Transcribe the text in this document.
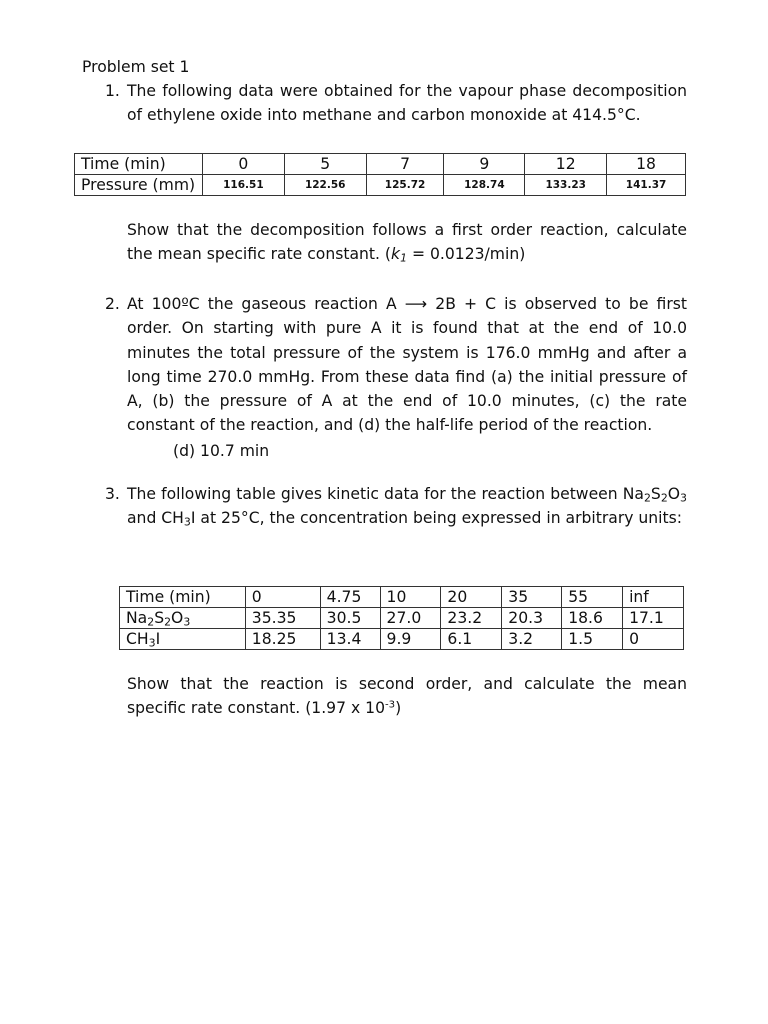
Problem set 1
1. The following data were obtained for the vapour phase decomposition of ethylene oxide into methane and carbon monoxide at 414.5°C.
Time (min)	0	5	7	9	12	18
Pressure (mm)	116.51	122.56	125.72	128.74	133.23	141.37
Show that the decomposition follows a first order reaction, calculate the mean specific rate constant. (k1 = 0.0123/min)
2. At 100ºC the gaseous reaction A ⟶ 2B + C is observed to be first order. On starting with pure A it is found that at the end of 10.0 minutes the total pressure of the system is 176.0 mmHg and after a long time 270.0 mmHg. From these data find (a) the initial pressure of A, (b) the pressure of A at the end of 10.0 minutes, (c) the rate constant of the reaction, and (d) the half-life period of the reaction.
(d) 10.7 min
3. The following table gives kinetic data for the reaction between $Na_2S_2O_3$ and $CH_3I$ at 25°C, the concentration being expressed in arbitrary units:
Time (min)	0	4.75	10	20	35	55	inf
$Na_2S_2O_3$	35.35	30.5	27.0	23.2	20.3	18.6	17.1
$CH_3I$	18.25	13.4	9.9	6.1	3.2	1.5	0
Show that the reaction is second order, and calculate the mean specific rate constant. (1.97 x $10^{-3}$)
